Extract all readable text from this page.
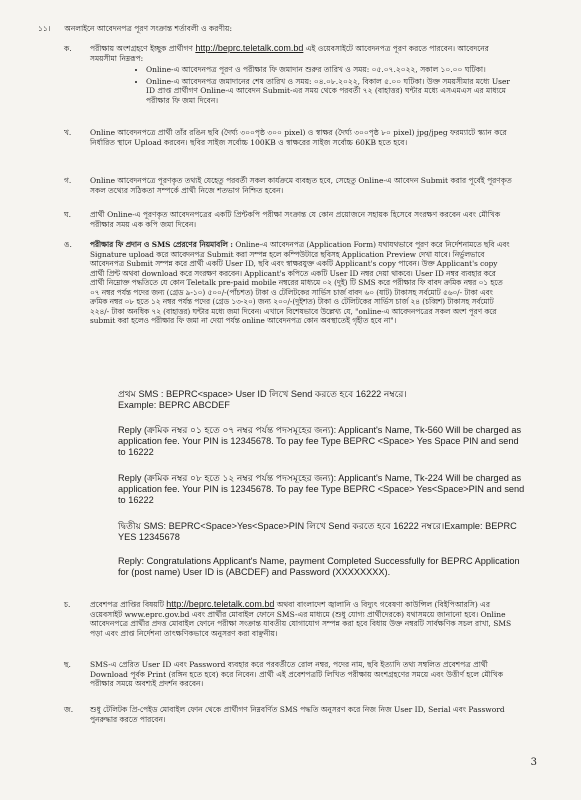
১১। অনলাইনে আবেদনপত্র পূরণ সংক্রান্ত শর্তাবলী ও করণীয়:
ক.	পরীক্ষায় অংশগ্রহণে ইচ্ছুক প্রার্থীগণ http://beprc.teletalk.com.bd এই ওয়েবসাইটে আবেদনপত্র পূরণ করতে পারবেন। আবেদনের সময়সীমা নিম্নরূপ:
• Online-এ আবেদনপত্র পূরণ ও পরীক্ষার ফি জমাদান শুরুর তারিখ ও সময়: ০৫.০৭.২০২২, সকাল ১০.০০ ঘটিকা।
• Online-এ আবেদনপত্র জমাদানের শেষ তারিখ ও সময়: ০৪.০৮.২০২২, বিকাল ৫.০০ ঘটিকা। উক্ত সময়সীমার মধ্যে User ID প্রাপ্ত প্রার্থীগণ Online-এ আবেদন Submit-এর সময় থেকে পরবর্তী ৭২ (বাহাত্তর) ঘন্টার মধ্যে এসএমএস এর মাধ্যমে পরীক্ষার ফি জমা দিবেন।
খ.	Online আবেদনপত্রে প্রার্থী তাঁর রঙিন ছবি (দৈর্ঘ্য ৩০০পৃষ্ঠ ৩০০ pixel) ও স্বাক্ষর (দৈর্ঘ্য ৩০০পৃষ্ঠ ৮০ pixel) jpg/jpeg ফরম্যাটে স্ক্যান করে নির্ধারিত স্থানে Upload করবেন। ছবির সাইজ সর্বোচ্চ 100KB ও স্বাক্ষরের সাইজ সর্বোচ্চ 60KB হতে হবে।
গ.	Online আবেদনপত্রে পূরণকৃত তথ্যই যেহেতু পরবর্তী সকল কার্যক্রমে ব্যবহৃত হবে, সেহেতু Online-এ আবেদন Submit করার পূর্বেই পূরণকৃত সকল তথ্যের সঠিকতা সম্পর্কে প্রার্থী নিজে শতভাগ নিশ্চিত হবেন।
ঘ.	প্রার্থী Online-এ পূরণকৃত আবেদনপত্রের একটি প্রিন্টকপি পরীক্ষা সংক্রান্ত যে কোন প্রয়োজনে সহায়ক হিসেবে সংরক্ষণ করবেন এবং মৌখিক পরীক্ষার সময় এক কপি জমা দিবেন।
ঙ.	পরীক্ষার ফি প্রদান ও SMS প্রেরণের নিয়মাবলি : Online-এ আবেদনপত্র (Application Form) যথাযথভাবে পূরণ করে নির্দেশনামতে ছবি এবং Signature upload করে আবেদনপত্র Submit করা সম্পন্ন হলে কম্পিউটারে ছবিসহ Application Preview দেখা যাবে। নির্ভুলভাবে আবেদনপত্র Submit সম্পন্ন করে প্রার্থী একটি User ID, ছবি এবং স্বাক্ষরযুক্ত একটি Applicant's copy পাবেন। উক্ত Applicant's copy প্রার্থী প্রিন্ট অথবা download করে সংরক্ষণ করবেন। Applicant's কপিতে একটি User ID নম্বর দেয়া থাকবে। User ID নম্বর ব্যবহার করে প্রার্থী নিম্নোক্ত পদ্ধতিতে যে কোন Teletalk pre-paid mobile নম্বরের মাধ্যমে ০২ (দুই) টি SMS করে পরীক্ষার ফি বাবদ ক্রমিক নম্বর ০১ হতে ০৭ নম্বর পর্যন্ত পদের জন্য (গ্রেড ৯-১০) ৫০০/-(পাঁচশত) টাকা ও টেলিটকের সার্ভিস চার্জ বাবদ ৬০ (ষাট) টাকাসহ সর্বমোট ৫৬০/- টাকা এবং ক্রমিক নম্বর ০৮ হতে ১২ নম্বর পর্যন্ত পদের (গ্রেড ১৩-২০) জন্য ২০০/-(দুইশত) টাকা ও টেলিটকের সার্ভিস চার্জ ২৪ (চব্বিশ) টাকাসহ সর্বমোট ২২৪/- টাকা অনধিক ৭২ (বাহাত্তর) ঘন্টার মধ্যে জমা দিবেন। এখানে বিশেষভাবে উল্লেখ্য যে, "online-এ আবেদনপত্রের সকল অংশ পূরণ করে submit করা হলেও পরীক্ষার ফি জমা না দেয়া পর্যন্ত online আবেদনপত্র কোন অবস্থাতেই গৃহীত হবে না"।
প্রথম SMS : BEPRC<space> User ID লিখে Send করতে হবে 16222 নম্বরে।
Example: BEPRC ABCDEF
Reply (ক্রমিক নম্বর ০১ হতে ০৭ নম্বর পর্যন্ত পদসমূহের জন্য): Applicant's Name, Tk-560 Will be charged as application fee. Your PIN is 12345678. To pay fee Type BEPRC <Space> Yes Space PIN and send to 16222
Reply (ক্রমিক নম্বর ০৮ হতে ১২ নম্বর পর্যন্ত পদসমূহের জন্য): Applicant's Name, Tk-224 Will be charged as application fee. Your PIN is 12345678. To pay fee Type BEPRC <Space> Yes<Space>PIN and send to 16222
দ্বিতীয় SMS: BEPRC<Space>Yes<Space>PIN লিখে Send করতে হবে 16222 নম্বরে।Example: BEPRC YES 12345678
Reply: Congratulations Applicant's Name, payment Completed Successfully for BEPRC Application for (post name) User ID is (ABCDEF) and Password (XXXXXXXX).
চ.	প্রবেশপত্র প্রাপ্তির বিষয়টি http://beprc.teletalk.com.bd অথবা বাংলাদেশ জ্বালানি ও বিদ্যুৎ গবেষণা কাউন্সিল (বিইপিআরসি) এর ওয়েবসাইট www.eprc.gov.bd এবং প্রার্থীর মোবাইল ফোনে SMS-এর মাধ্যমে (শুধু যোগ্য প্রার্থীদেরকে) যথাসময়ে জানানো হবে। Online আবেদনপত্রে প্রার্থীর প্রদত্ত মোবাইল ফোনে পরীক্ষা সংক্রান্ত যাবতীয় যোগাযোগ সম্পন্ন করা হবে বিধায় উক্ত নম্বরটি সার্বক্ষণিক সচল রাখা, SMS পড়া এবং প্রাপ্ত নির্দেশনা তাৎক্ষণিকভাবে অনুসরণ করা বাঞ্ছনীয়।
ছ.	SMS-এ প্রেরিত User ID এবং Password ব্যবহার করে পরবর্তীতে রোল নম্বর, পদের নাম, ছবি ইত্যাদি তথ্য সম্বলিত প্রবেশপত্র প্রার্থী Download পূর্বক Print (রঙ্গিন হতে হবে) করে নিবেন। প্রার্থী এই প্রবেশপত্রটি লিখিত পরীক্ষায় অংশগ্রহণের সময়ে এবং উত্তীর্ণ হলে মৌখিক পরীক্ষার সময়ে অবশ্যই প্রদর্শন করবেন।
জ.	শুধু টেলিটক প্রি-পেইড মোবাইল ফোন থেকে প্রার্থীগণ নিম্নবর্ণিত SMS পদ্ধতি অনুসরণ করে নিজ নিজ User ID, Serial এবং Password পুনরুদ্ধার করতে পারবেন।
3
